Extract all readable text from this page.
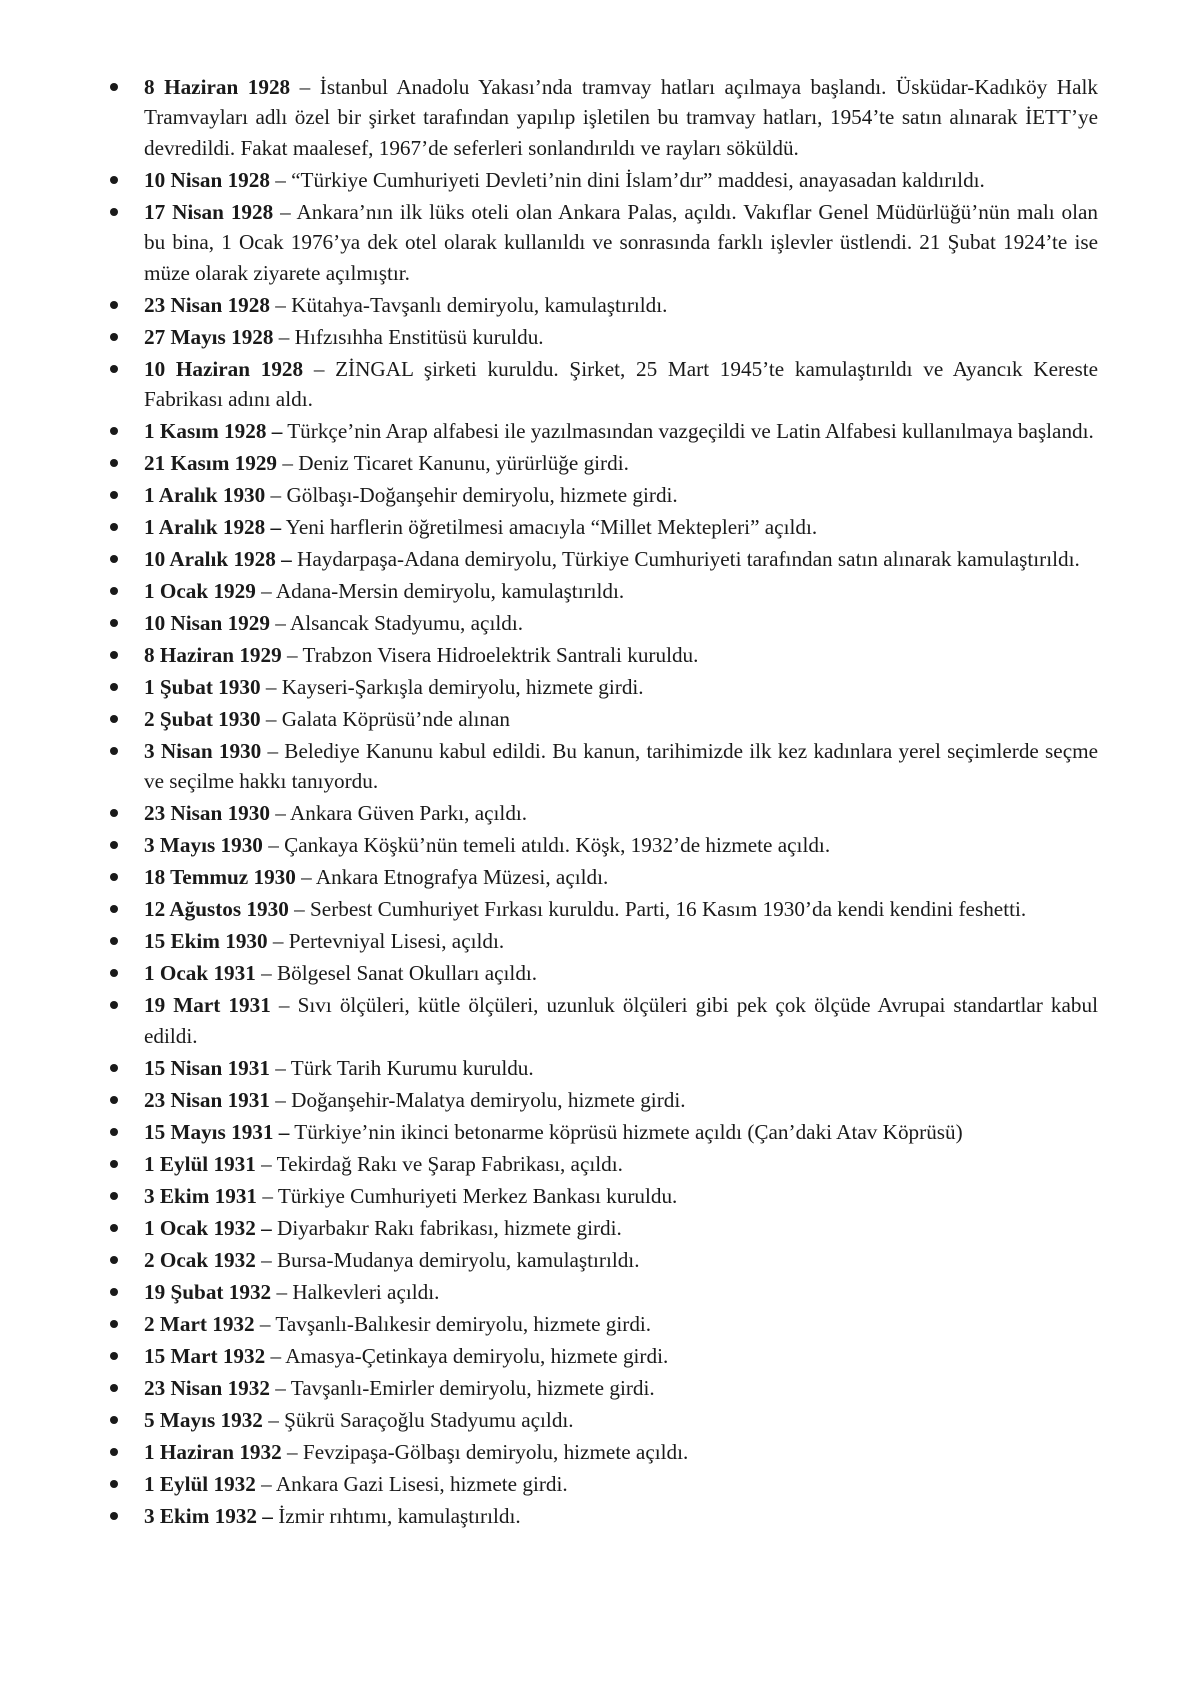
8 Haziran 1928 – İstanbul Anadolu Yakası’nda tramvay hatları açılmaya başlandı. Üsküdar-Kadıköy Halk Tramvayları adlı özel bir şirket tarafından yapılıp işletilen bu tramvay hatları, 1954’te satın alınarak İETT’ye devredildi. Fakat maalesef, 1967’de seferleri sonlandırıldı ve rayları söküldü.
10 Nisan 1928 – “Türkiye Cumhuriyeti Devleti’nin dini İslam’dır” maddesi, anayasadan kaldırıldı.
17 Nisan 1928 – Ankara’nın ilk lüks oteli olan Ankara Palas, açıldı. Vakıflar Genel Müdürlüğü’nün malı olan bu bina, 1 Ocak 1976’ya dek otel olarak kullanıldı ve sonrasında farklı işlevler üstlendi. 21 Şubat 1924’te ise müze olarak ziyarete açılmıştır.
23 Nisan 1928 – Kütahya-Tavşanlı demiryolu, kamulaştırıldı.
27 Mayıs 1928 – Hıfzısıhha Enstitüsü kuruldu.
10 Haziran 1928 – ZİNGAL şirketi kuruldu. Şirket, 25 Mart 1945’te kamulaştırıldı ve Ayancık Kereste Fabrikası adını aldı.
1 Kasım 1928 – Türkçe’nin Arap alfabesi ile yazılmasından vazgeçildi ve Latin Alfabesi kullanılmaya başlandı.
21 Kasım 1929 – Deniz Ticaret Kanunu, yürürlüğe girdi.
1 Aralık 1930 – Gölbaşı-Doğanşehir demiryolu, hizmete girdi.
1 Aralık 1928 – Yeni harflerin öğretilmesi amacıyla “Millet Mektepleri” açıldı.
10 Aralık 1928 – Haydarpaşa-Adana demiryolu, Türkiye Cumhuriyeti tarafından satın alınarak kamulaştırıldı.
1 Ocak 1929 – Adana-Mersin demiryolu, kamulaştırıldı.
10 Nisan 1929 – Alsancak Stadyumu, açıldı.
8 Haziran 1929 – Trabzon Visera Hidroelektrik Santrali kuruldu.
1 Şubat 1930 – Kayseri-Şarkışla demiryolu, hizmete girdi.
2 Şubat 1930 – Galata Köprüsü’nde alınan
3 Nisan 1930 – Belediye Kanunu kabul edildi. Bu kanun, tarihimizde ilk kez kadınlara yerel seçimlerde seçme ve seçilme hakkı tanıyordu.
23 Nisan 1930 – Ankara Güven Parkı, açıldı.
3 Mayıs 1930 – Çankaya Köşkü’nün temeli atıldı. Köşk, 1932’de hizmete açıldı.
18 Temmuz 1930 – Ankara Etnografya Müzesi, açıldı.
12 Ağustos 1930 – Serbest Cumhuriyet Fırkası kuruldu. Parti, 16 Kasım 1930’da kendi kendini feshetti.
15 Ekim 1930 – Pertevniyal Lisesi, açıldı.
1 Ocak 1931 – Bölgesel Sanat Okulları açıldı.
19 Mart 1931 – Sıvı ölçüleri, kütle ölçüleri, uzunluk ölçüleri gibi pek çok ölçüde Avrupai standartlar kabul edildi.
15 Nisan 1931 – Türk Tarih Kurumu kuruldu.
23 Nisan 1931 – Doğanşehir-Malatya demiryolu, hizmete girdi.
15 Mayıs 1931 – Türkiye’nin ikinci betonarme köprüsü hizmete açıldı (Çan’daki Atav Köprüsü)
1 Eylül 1931 – Tekirdağ Rakı ve Şarap Fabrikası, açıldı.
3 Ekim 1931 – Türkiye Cumhuriyeti Merkez Bankası kuruldu.
1 Ocak 1932 – Diyarbakır Rakı fabrikası, hizmete girdi.
2 Ocak 1932 – Bursa-Mudanya demiryolu, kamulaştırıldı.
19 Şubat 1932 – Halkevleri açıldı.
2 Mart 1932 – Tavşanlı-Balıkesir demiryolu, hizmete girdi.
15 Mart 1932 – Amasya-Çetinkaya demiryolu, hizmete girdi.
23 Nisan 1932 – Tavşanlı-Emirler demiryolu, hizmete girdi.
5 Mayıs 1932 – Şükrü Saraçoğlu Stadyumu açıldı.
1 Haziran 1932 – Fevzipaşa-Gölbaşı demiryolu, hizmete açıldı.
1 Eylül 1932 – Ankara Gazi Lisesi, hizmete girdi.
3 Ekim 1932 – İzmir rıhtımı, kamulaştırıldı.
